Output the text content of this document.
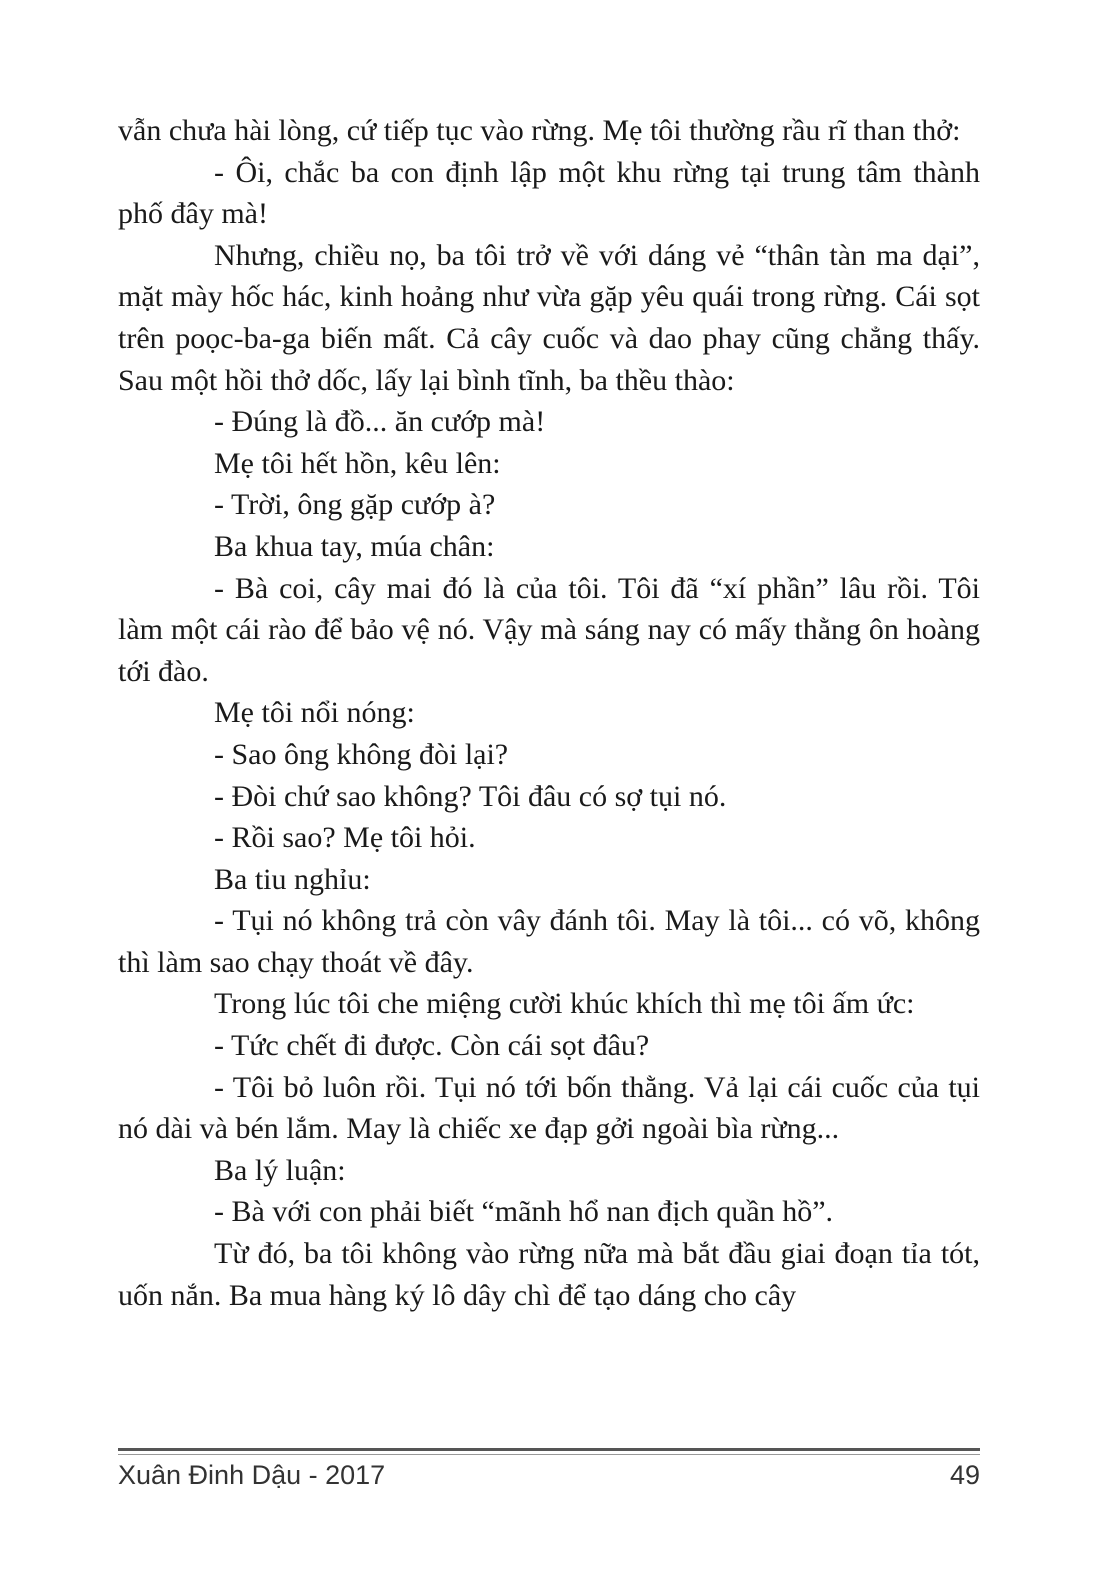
vẫn chưa hài lòng, cứ tiếp tục vào rừng. Mẹ tôi thường rầu rĩ than thở:

- Ôi, chắc ba con định lập một khu rừng tại trung tâm thành phố đây mà!

Nhưng, chiều nọ, ba tôi trở về với dáng vẻ “thân tàn ma dại”, mặt mày hốc hác, kinh hoảng như vừa gặp yêu quái trong rừng. Cái sọt trên poọc-ba-ga biến mất. Cả cây cuốc và dao phay cũng chẳng thấy. Sau một hồi thở dốc, lấy lại bình tĩnh, ba thều thào:

- Đúng là đồ... ăn cướp mà!

Mẹ tôi hết hồn, kêu lên:

- Trời, ông gặp cướp à?

Ba khua tay, múa chân:

- Bà coi, cây mai đó là của tôi. Tôi đã “xí phần” lâu rồi. Tôi làm một cái rào để bảo vệ nó. Vậy mà sáng nay có mấy thằng ôn hoàng tới đào.

Mẹ tôi nổi nóng:

- Sao ông không đòi lại?

- Đòi chứ sao không? Tôi đâu có sợ tụi nó.

- Rồi sao? Mẹ tôi hỏi.

Ba tiu nghỉu:

- Tụi nó không trả còn vây đánh tôi. May là tôi... có võ, không thì làm sao chạy thoát về đây.

Trong lúc tôi che miệng cười khúc khích thì mẹ tôi ấm ức:

- Tức chết đi được. Còn cái sọt đâu?

- Tôi bỏ luôn rồi. Tụi nó tới bốn thằng. Vả lại cái cuốc của tụi nó dài và bén lắm. May là chiếc xe đạp gởi ngoài bìa rừng...

Ba lý luận:

- Bà với con phải biết “mãnh hổ nan địch quần hồ”.

Từ đó, ba tôi không vào rừng nữa mà bắt đầu giai đoạn tỉa tót, uốn nắn. Ba mua hàng ký lô dây chì để tạo dáng cho cây

Xuân Đinh Dậu - 2017	49
